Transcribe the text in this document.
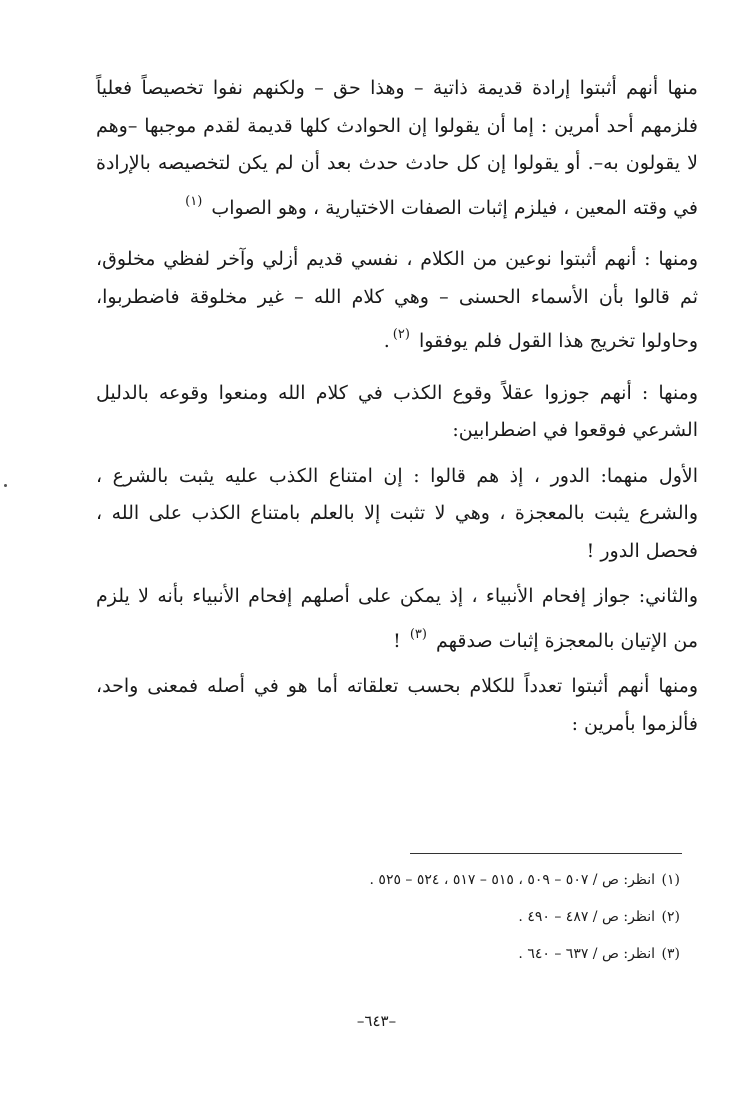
منها أنهم أثبتوا إرادة قديمة ذاتية – وهذا حق – ولكنهم نفوا تخصيصاً فعلياً فلزمهم أحد أمرين : إما أن يقولوا إن الحوادث كلها قديمة لقدم موجبها –وهم لا يقولون به–. أو يقولوا إن كل حادث حدث بعد أن لم يكن لتخصيصه بالإرادة في وقته المعين ، فيلزم إثبات الصفات الاختيارية ، وهو الصواب $^{(١)}$

ومنها : أنهم أثبتوا نوعين من الكلام ، نفسي قديم أزلي وآخر لفظي مخلوق، ثم قالوا بأن الأسماء الحسنى – وهي كلام الله – غير مخلوقة فاضطربوا، وحاولوا تخريج هذا القول فلم يوفقوا $^{(٢)}$.

ومنها : أنهم جوزوا عقلاً وقوع الكذب في كلام الله ومنعوا وقوعه بالدليل الشرعي فوقعوا في اضطرابين:

الأول منهما: الدور ، إذ هم قالوا : إن امتناع الكذب عليه يثبت بالشرع ، والشرع يثبت بالمعجزة ، وهي لا تثبت إلا بالعلم بامتناع الكذب على الله ، فحصل الدور !

والثاني: جواز إفحام الأنبياء ، إذ يمكن على أصلهم إفحام الأنبياء بأنه لا يلزم من الإتيان بالمعجزة إثبات صدقهم $^{(٣)}$ !

ومنها أنهم أثبتوا تعدداً للكلام بحسب تعلقاته أما هو في أصله فمعنى واحد، فألزموا بأمرين :

(١) انظر: ص / ٥٠٧ – ٥٠٩ ، ٥١٥ – ٥١٧ ، ٥٢٤ – ٥٢٥ .
(٢) انظر: ص / ٤٨٧ – ٤٩٠ .
(٣) انظر: ص / ٦٣٧ – ٦٤٠ .
–٦٤٣–
